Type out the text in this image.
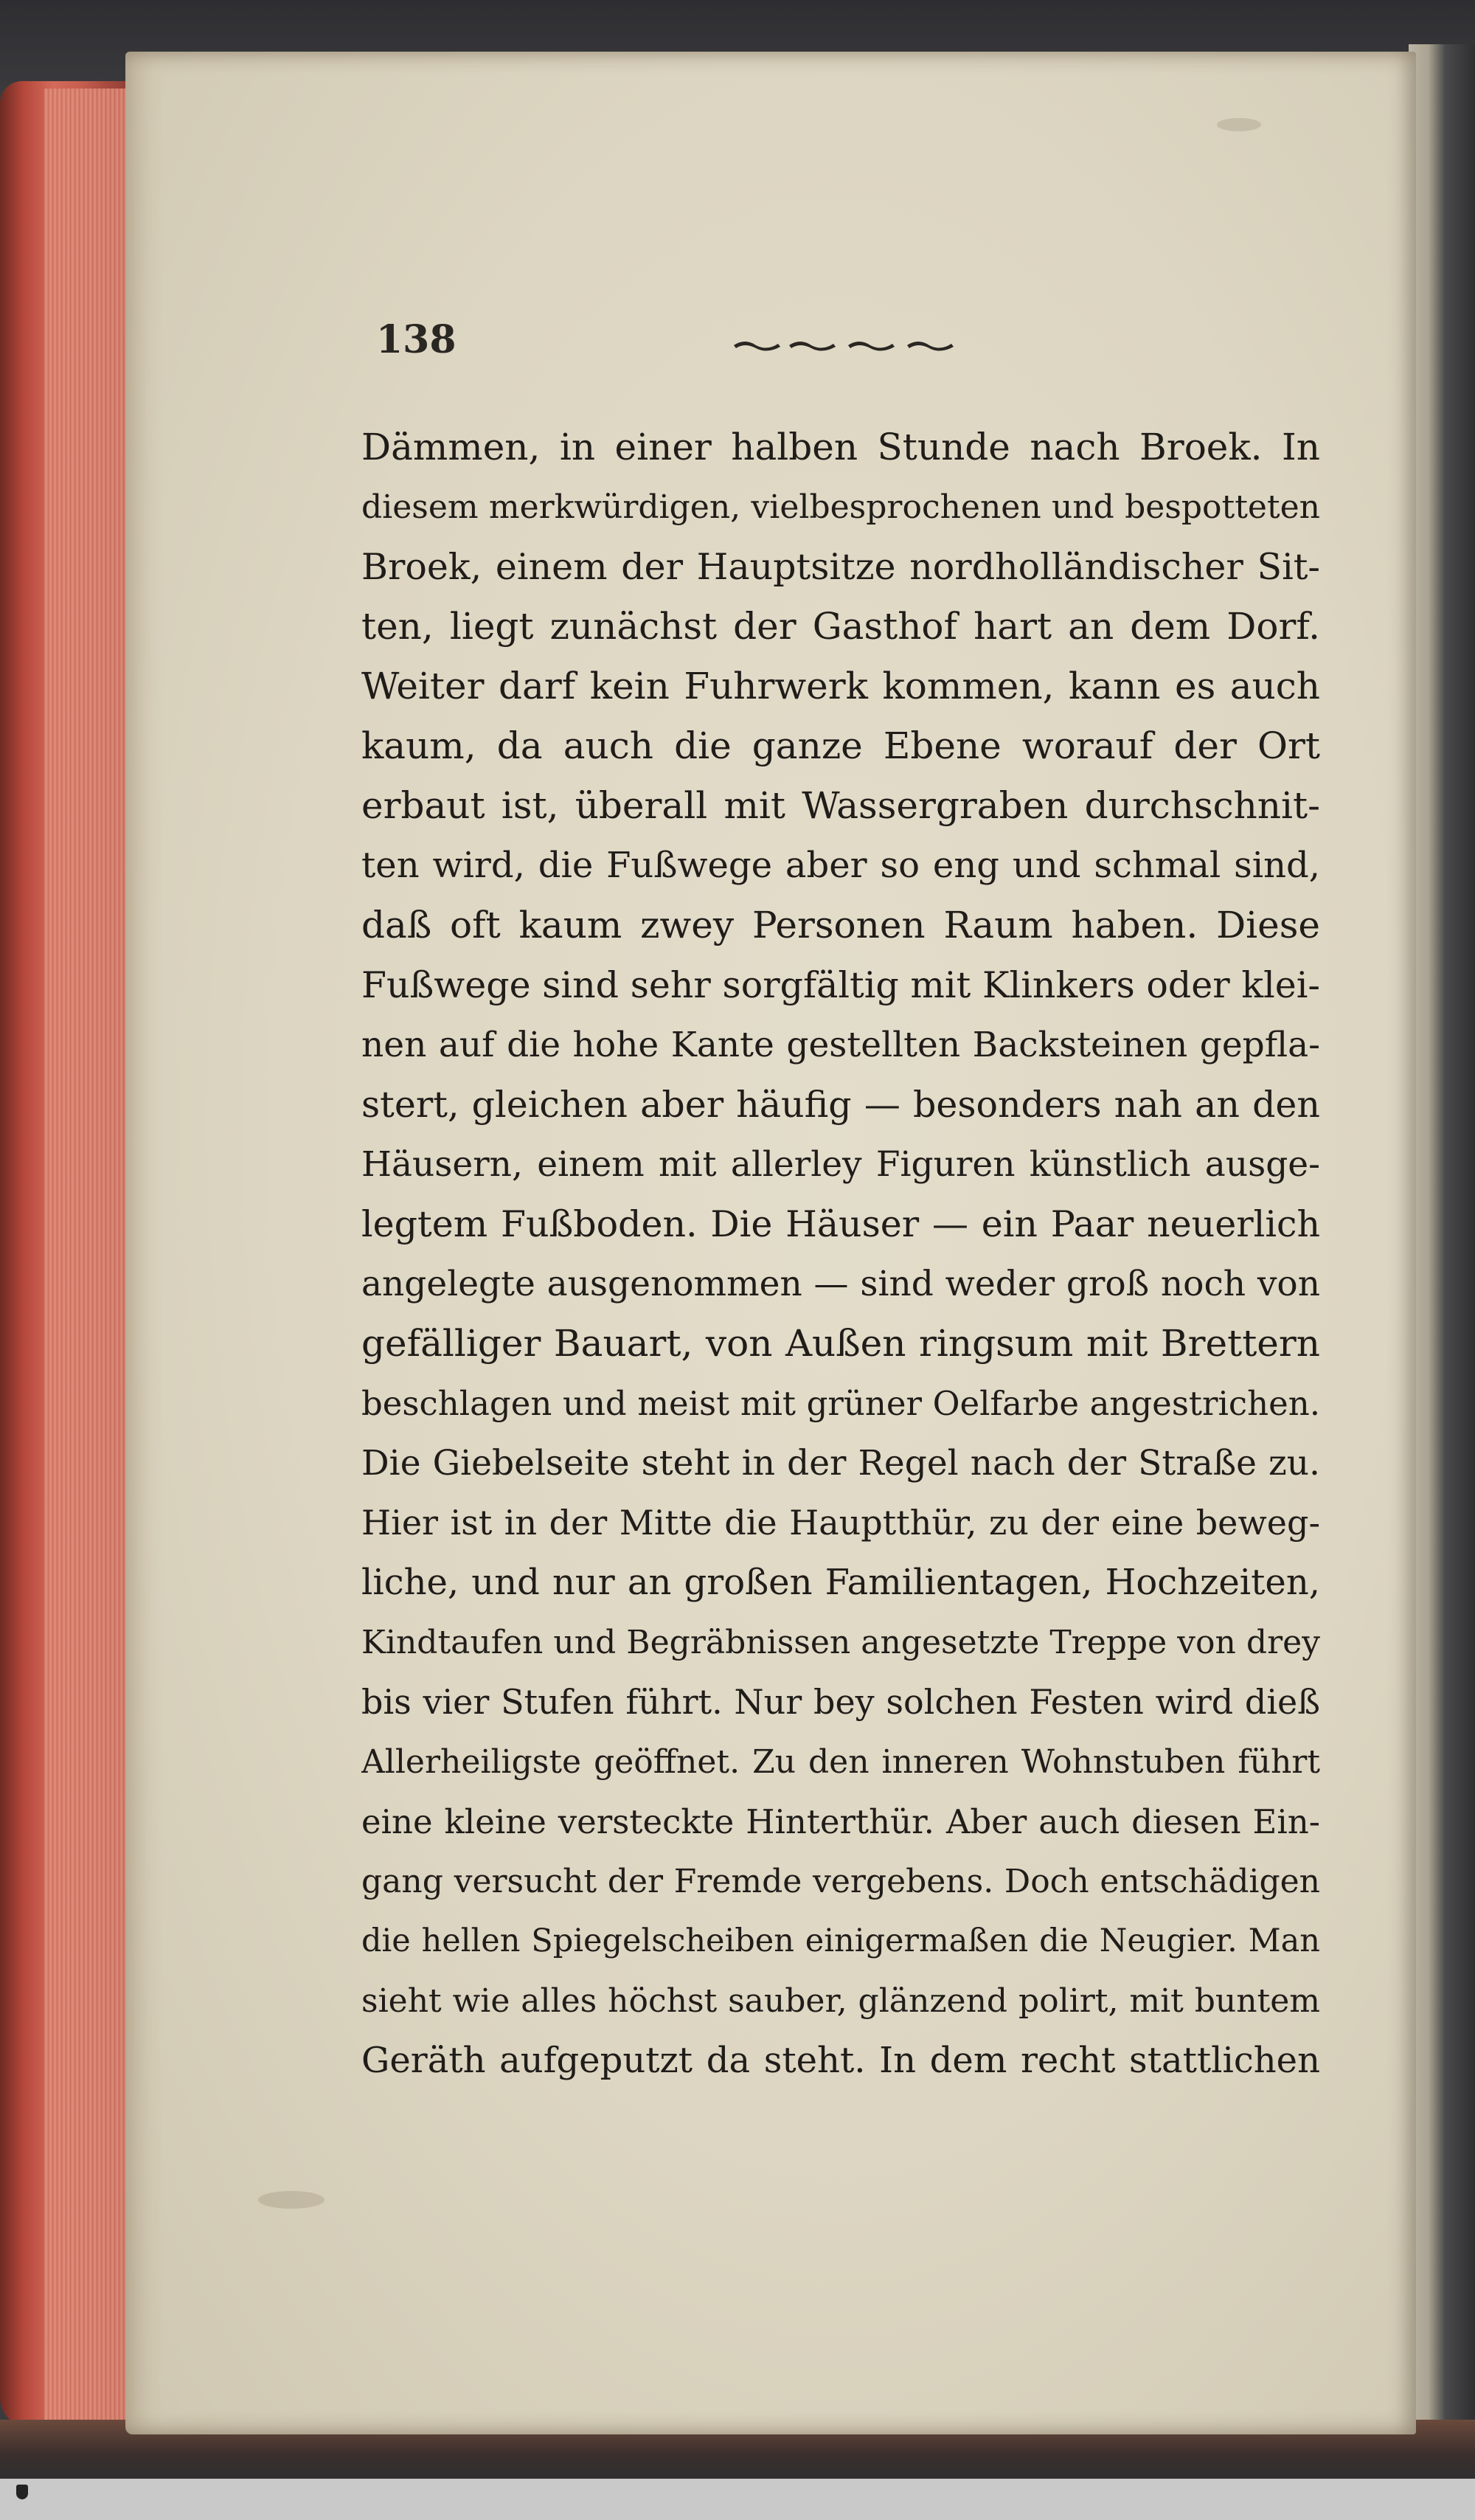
138
Dämmen, in einer halben Stunde nach Broek. In
diesem merkwürdigen, vielbesprochenen und bespotteten
Broek, einem der Hauptsitze nordholländischer Sit-
ten, liegt zunächst der Gasthof hart an dem Dorf.
Weiter darf kein Fuhrwerk kommen, kann es auch
kaum, da auch die ganze Ebene worauf der Ort
erbaut ist, überall mit Wassergraben durchschnit-
ten wird, die Fußwege aber so eng und schmal sind,
daß oft kaum zwey Personen Raum haben. Diese
Fußwege sind sehr sorgfältig mit Klinkers oder klei-
nen auf die hohe Kante gestellten Backsteinen gepfla-
stert, gleichen aber häufig — besonders nah an den
Häusern, einem mit allerley Figuren künstlich ausge-
legtem Fußboden. Die Häuser — ein Paar neuerlich
angelegte ausgenommen — sind weder groß noch von
gefälliger Bauart, von Außen ringsum mit Brettern
beschlagen und meist mit grüner Oelfarbe angestrichen.
Die Giebelseite steht in der Regel nach der Straße zu.
Hier ist in der Mitte die Hauptthür, zu der eine beweg-
liche, und nur an großen Familientagen, Hochzeiten,
Kindtaufen und Begräbnissen angesetzte Treppe von drey
bis vier Stufen führt. Nur bey solchen Festen wird dieß
Allerheiligste geöffnet. Zu den inneren Wohnstuben führt
eine kleine versteckte Hinterthür. Aber auch diesen Ein-
gang versucht der Fremde vergebens. Doch entschädigen
die hellen Spiegelscheiben einigermaßen die Neugier. Man
sieht wie alles höchst sauber, glänzend polirt, mit buntem
Geräth aufgeputzt da steht. In dem recht stattlichen
